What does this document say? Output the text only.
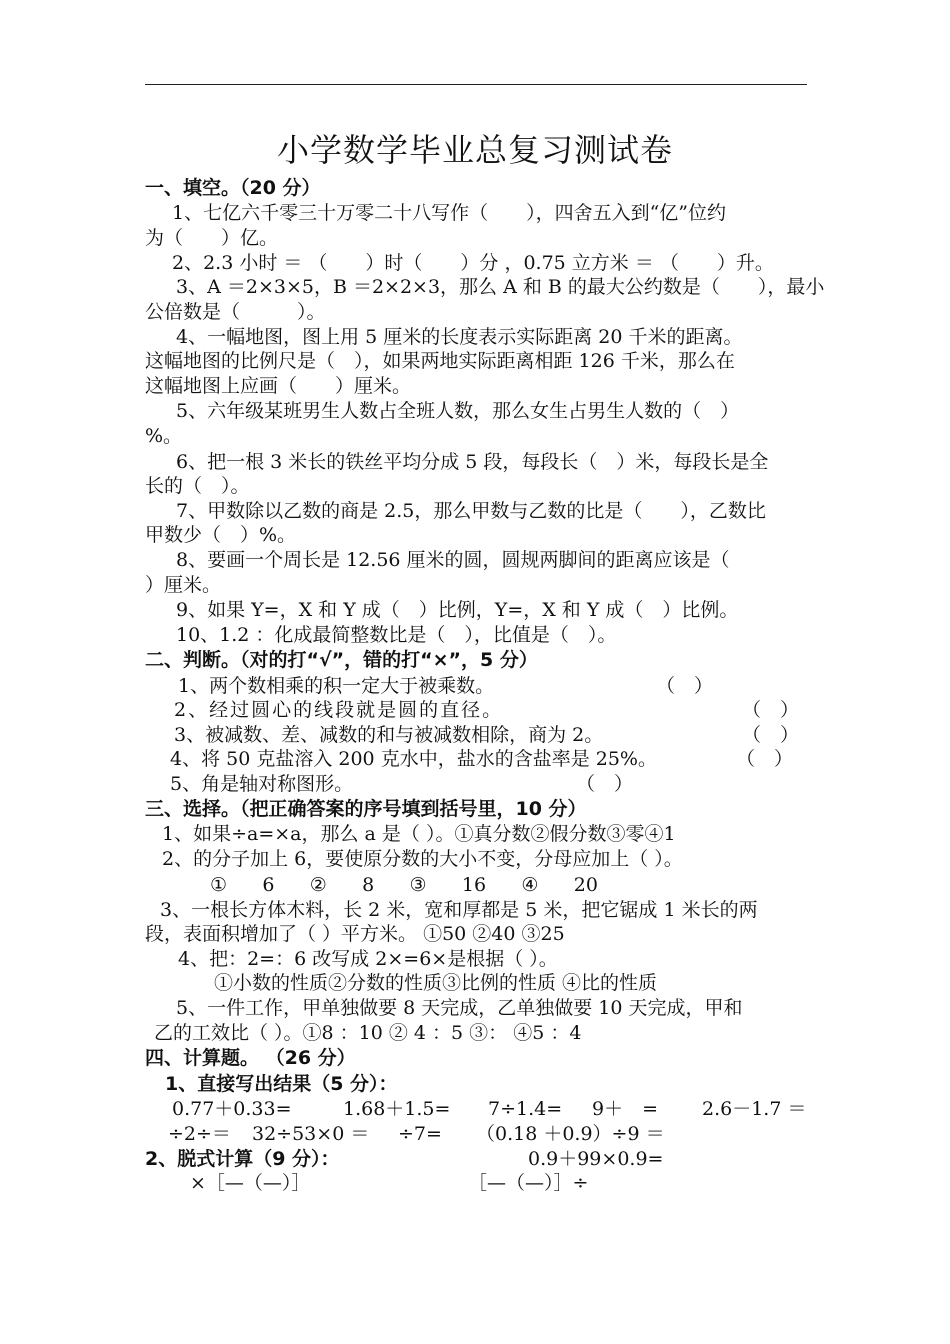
小学数学毕业总复习测试卷
一、填空。（20 分）
1、七亿六千零三十万零二十八写作（　　），四舍五入到“亿”位约
为（　　）亿。
2、2.3 小时 ＝ （　　）时（　　）分 ，0.75 立方米 ＝ （　　）升。
3、A ＝2×3×5，B ＝2×2×3，那么 A 和 B 的最大公约数是（　　），最小
公倍数是（　　　）。
4、一幅地图，图上用 5 厘米的长度表示实际距离 20 千米的距离。
这幅地图的比例尺是（　），如果两地实际距离相距 126 千米，那么在
这幅地图上应画（　　）厘米。
5、六年级某班男生人数占全班人数，那么女生占男生人数的（　）
%。
6、把一根 3 米长的铁丝平均分成 5 段，每段长（　）米，每段长是全
长的（　）。
7、甲数除以乙数的商是 2.5，那么甲数与乙数的比是（　　），乙数比
甲数少（　）%。
8、要画一个周长是 12.56 厘米的圆，圆规两脚间的距离应该是（
）厘米。
9、如果 Y=，X 和 Y 成（　）比例，Y=，X 和 Y 成（　）比例。
10、1.2 ：化成最简整数比是（　），比值是（　）。
二、判断。（对的打“√”，错的打“×”，5 分）
1、两个数相乘的积一定大于被乘数。	（　）
2、经过圆心的线段就是圆的直径。	（　）
3、被减数、差、减数的和与被减数相除，商为 2。	（　）
4、将 50 克盐溶入 200 克水中，盐水的含盐率是 25%。	（　）
5、角是轴对称图形。	（　）
三、选择。（把正确答案的序号填到括号里，10 分）
1、如果÷a=×a，那么 a 是（ ）。①真分数②假分数③零④1
2、的分子加上 6，要使原分数的大小不变，分母应加上（ ）。
① 6 ② 8 ③ 16 ④ 20
3、一根长方体木料，长 2 米，宽和厚都是 5 米，把它锯成 1 米长的两
段，表面积增加了（ ）平方米。 ①50 ②40 ③25
4、把：2=：6 改写成 2×=6×是根据（ ）。
①小数的性质②分数的性质③比例的性质 ④比的性质
5、一件工作，甲单独做要 8 天完成，乙单独做要 10 天完成，甲和
乙的工效比（ ）。①8 ：10 ② 4 ：5 ③： ④5 ：4
四、计算题。 （26 分）
1、直接写出结果（5 分）：
0.77＋0.33=	1.68＋1.5= 7÷1.4= 9＋　= 2.6－1.7 ＝
÷2÷＝ 32÷53×0 ＝ ÷7= （0.18 ＋0.9）÷9 ＝
2、脱式计算（9 分）：	0.9＋99×0.9=
×［—（—）］	［—（—）］÷
